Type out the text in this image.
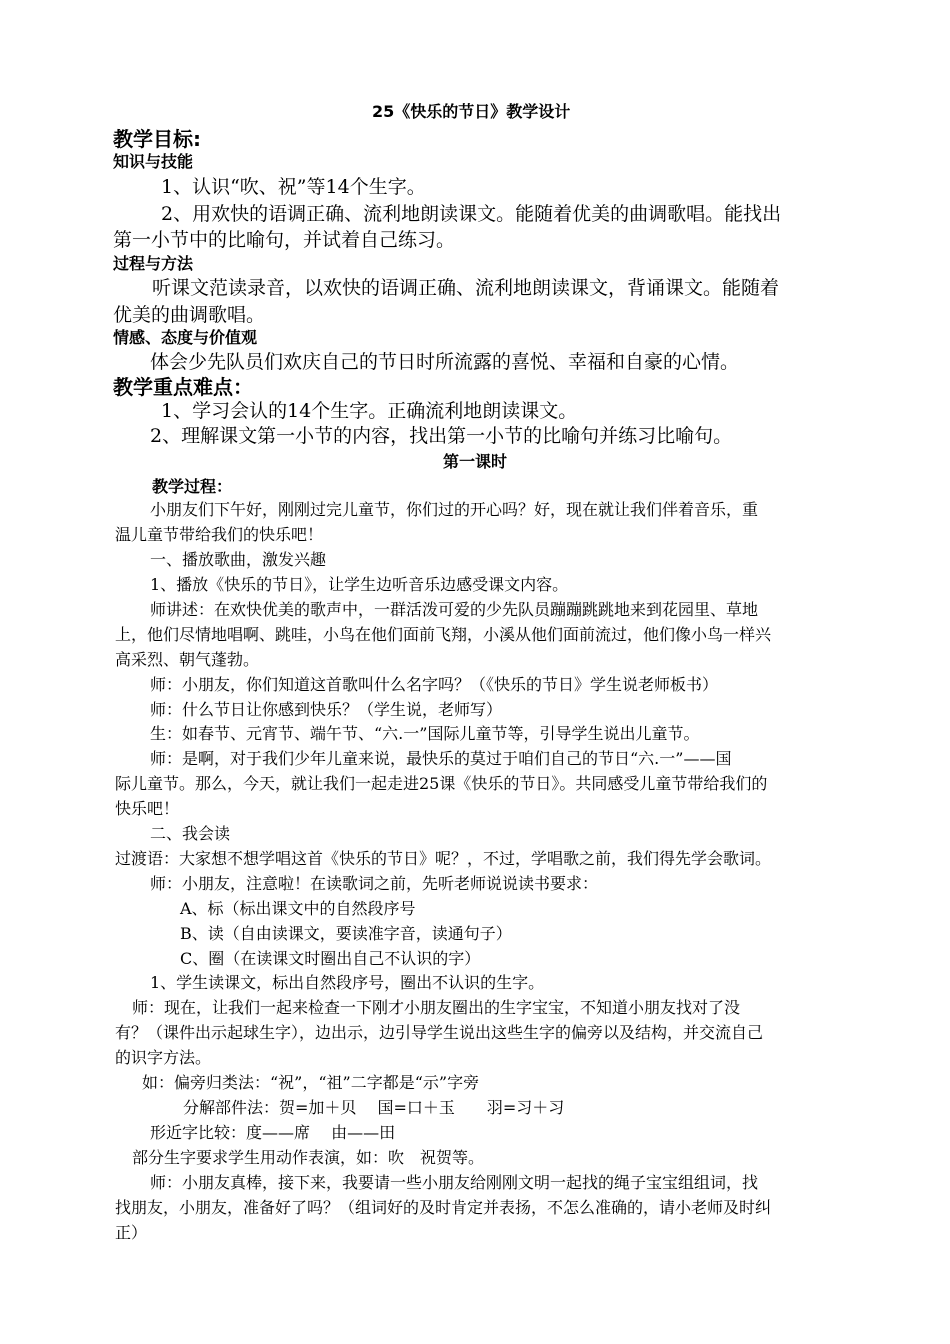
25《快乐的节日》教学设计
教学目标:
知识与技能
1、认识“吹、祝”等14个生字。
2、用欢快的语调正确、流利地朗读课文。能随着优美的曲调歌唱。能找出
第一小节中的比喻句，并试着自己练习。
过程与方法
听课文范读录音，以欢快的语调正确、流利地朗读课文，背诵课文。能随着
优美的曲调歌唱。
情感、态度与价值观
体会少先队员们欢庆自己的节日时所流露的喜悦、幸福和自豪的心情。
教学重点难点：
1、学习会认的14个生字。正确流利地朗读课文。
2、理解课文第一小节的内容，找出第一小节的比喻句并练习比喻句。
第一课时
教学过程：
小朋友们下午好，刚刚过完儿童节，你们过的开心吗？好，现在就让我们伴着音乐，重
温儿童节带给我们的快乐吧！
一、播放歌曲，激发兴趣
1、播放《快乐的节日》，让学生边听音乐边感受课文内容。
师讲述：在欢快优美的歌声中，一群活泼可爱的少先队员蹦蹦跳跳地来到花园里、草地
上，他们尽情地唱啊、跳哇，小鸟在他们面前飞翔，小溪从他们面前流过，他们像小鸟一样兴
高采烈、朝气蓬勃。
师：小朋友，你们知道这首歌叫什么名字吗？（《快乐的节日》学生说老师板书）
师：什么节日让你感到快乐？（学生说，老师写）
生：如春节、元宵节、端午节、“六.一”国际儿童节等，引导学生说出儿童节。
师：是啊，对于我们少年儿童来说，最快乐的莫过于咱们自己的节日“六.一”——国
际儿童节。那么，今天，就让我们一起走进25课《快乐的节日》。共同感受儿童节带给我们的
快乐吧！
二、我会读
过渡语：大家想不想学唱这首《快乐的节日》呢？，不过，学唱歌之前，我们得先学会歌词。
师：小朋友，注意啦！在读歌词之前，先听老师说说读书要求：
A、标（标出课文中的自然段序号
B、读（自由读课文，要读准字音，读通句子）
C、圈（在读课文时圈出自己不认识的字）
1、学生读课文，标出自然段序号，圈出不认识的生字。
师：现在，让我们一起来检查一下刚才小朋友圈出的生字宝宝，不知道小朋友找对了没
有？（课件出示起球生字），边出示，边引导学生说出这些生字的偏旁以及结构，并交流自己
的识字方法。
如：偏旁归类法：“祝”，“祖”二字都是“示”字旁
分解部件法：贺=加＋贝　 国=口＋玉　　羽=习＋习
形近字比较：度——席　 由——田
部分生字要求学生用动作表演，如：吹　祝贺等。
师：小朋友真棒，接下来，我要请一些小朋友给刚刚文明一起找的绳子宝宝组组词，找
找朋友，小朋友，准备好了吗？（组词好的及时肯定并表扬，不怎么准确的，请小老师及时纠
正）
